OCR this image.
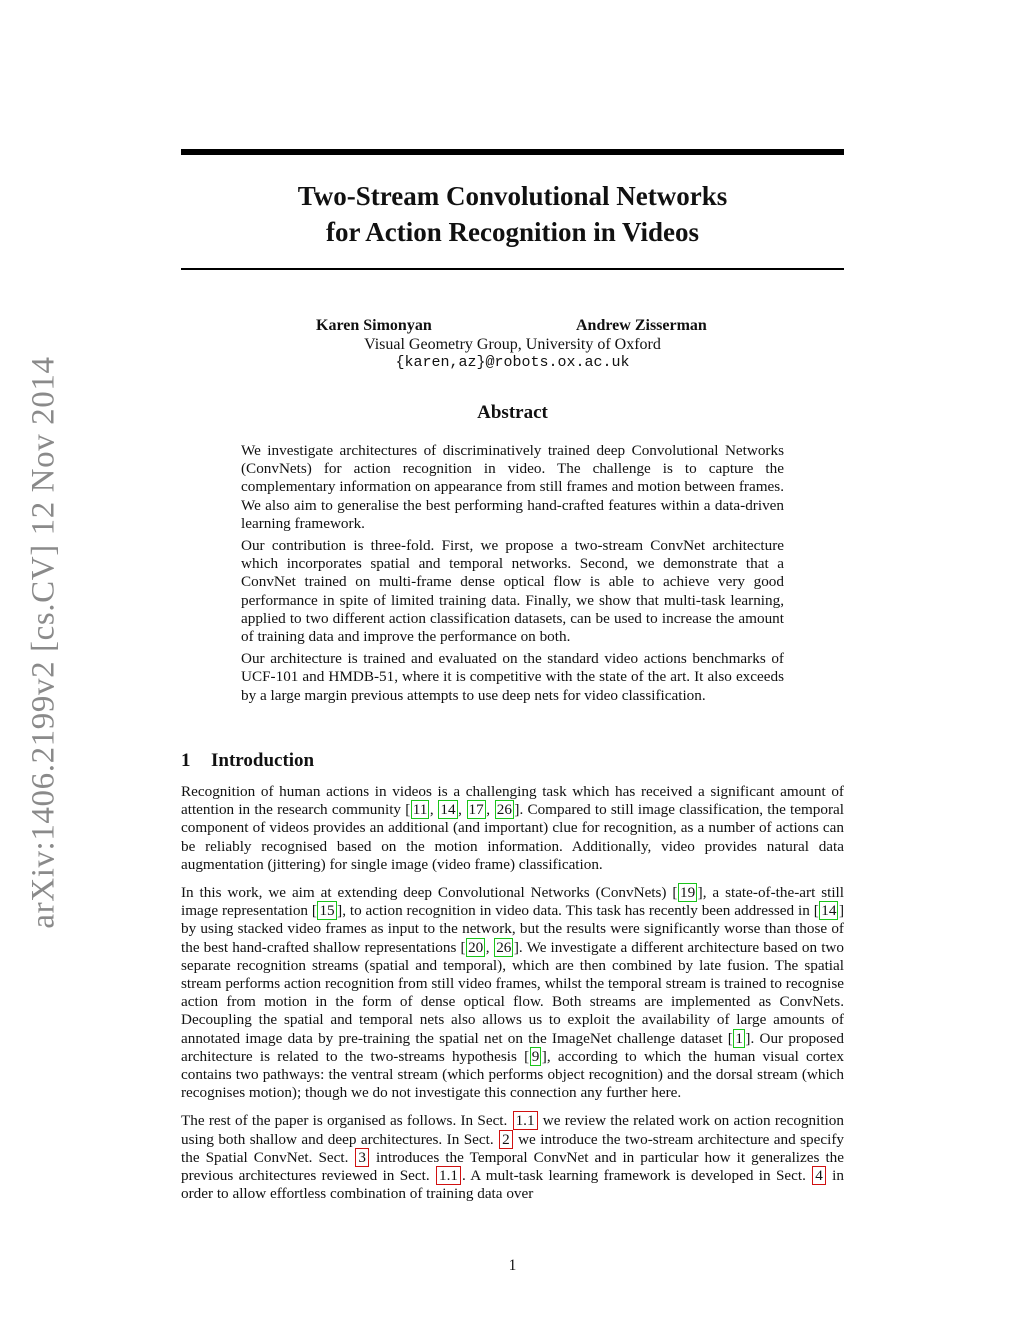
arXiv:1406.2199v2 [cs.CV] 12 Nov 2014
Two-Stream Convolutional Networks
for Action Recognition in Videos
Karen Simonyan	Andrew Zisserman
Visual Geometry Group, University of Oxford
{karen,az}@robots.ox.ac.uk
Abstract

We investigate architectures of discriminatively trained deep Convolutional Networks (ConvNets) for action recognition in video. The challenge is to capture the complementary information on appearance from still frames and motion between frames. We also aim to generalise the best performing hand-crafted features within a data-driven learning framework.

Our contribution is three-fold. First, we propose a two-stream ConvNet architecture which incorporates spatial and temporal networks. Second, we demonstrate that a ConvNet trained on multi-frame dense optical flow is able to achieve very good performance in spite of limited training data. Finally, we show that multi-task learning, applied to two different action classification datasets, can be used to increase the amount of training data and improve the performance on both.

Our architecture is trained and evaluated on the standard video actions benchmarks of UCF-101 and HMDB-51, where it is competitive with the state of the art. It also exceeds by a large margin previous attempts to use deep nets for video classification.

1 Introduction

Recognition of human actions in videos is a challenging task which has received a significant amount of attention in the research community [ 11 , 14 , 17 , 26 ]. Compared to still image classification, the temporal component of videos provides an additional (and important) clue for recognition, as a number of actions can be reliably recognised based on the motion information. Additionally, video provides natural data augmentation (jittering) for single image (video frame) classification.

In this work, we aim at extending deep Convolutional Networks (ConvNets) [ 19 ], a state-of-the-art still image representation [ 15 ], to action recognition in video data. This task has recently been addressed in [ 14 ] by using stacked video frames as input to the network, but the results were significantly worse than those of the best hand-crafted shallow representations [ 20 , 26 ]. We investigate a different architecture based on two separate recognition streams (spatial and temporal), which are then combined by late fusion. The spatial stream performs action recognition from still video frames, whilst the temporal stream is trained to recognise action from motion in the form of dense optical flow. Both streams are implemented as ConvNets. Decoupling the spatial and temporal nets also allows us to exploit the availability of large amounts of annotated image data by pre-training the spatial net on the ImageNet challenge dataset [ 1 ]. Our proposed architecture is related to the two-streams hypothesis [ 9 ], according to which the human visual cortex contains two pathways: the ventral stream (which performs object recognition) and the dorsal stream (which recognises motion); though we do not investigate this connection any further here.

The rest of the paper is organised as follows. In Sect. 1.1 we review the related work on action recognition using both shallow and deep architectures. In Sect. 2 we introduce the two-stream architecture and specify the Spatial ConvNet. Sect. 3 introduces the Temporal ConvNet and in particular how it generalizes the previous architectures reviewed in Sect. 1.1 . A mult-task learning framework is developed in Sect. 4 in order to allow effortless combination of training data over

1
